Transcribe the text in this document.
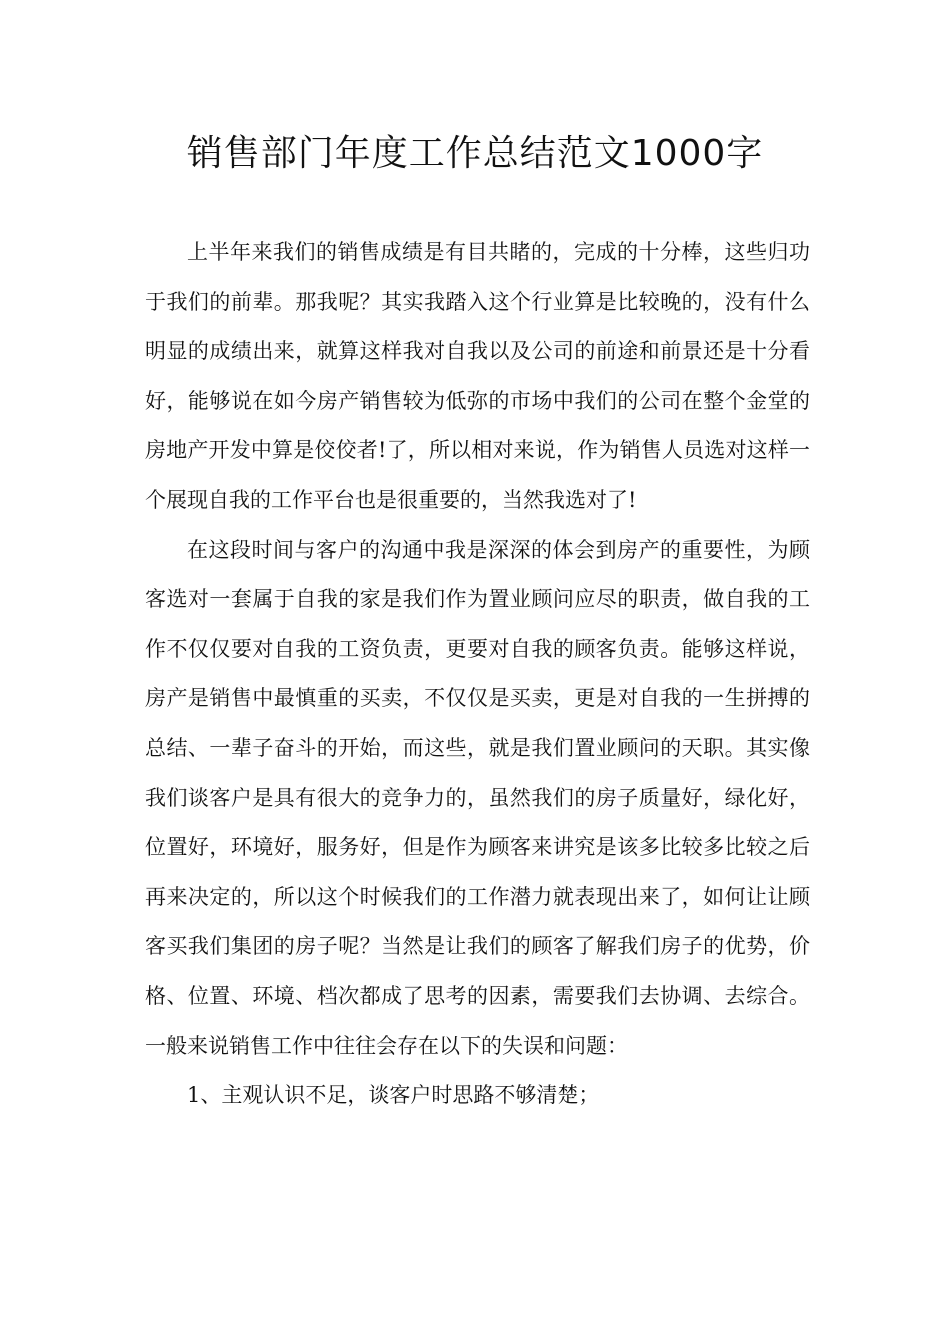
销售部门年度工作总结范文1000字

上半年来我们的销售成绩是有目共睹的，完成的十分棒，这些归功于我们的前辈。那我呢？其实我踏入这个行业算是比较晚的，没有什么明显的成绩出来，就算这样我对自我以及公司的前途和前景还是十分看好，能够说在如今房产销售较为低弥的市场中我们的公司在整个金堂的房地产开发中算是佼佼者!了，所以相对来说，作为销售人员选对这样一个展现自我的工作平台也是很重要的，当然我选对了!

在这段时间与客户的沟通中我是深深的体会到房产的重要性，为顾客选对一套属于自我的家是我们作为置业顾问应尽的职责，做自我的工作不仅仅要对自我的工资负责，更要对自我的顾客负责。能够这样说，房产是销售中最慎重的买卖，不仅仅是买卖，更是对自我的一生拼搏的总结、一辈子奋斗的开始，而这些，就是我们置业顾问的天职。其实像我们谈客户是具有很大的竞争力的，虽然我们的房子质量好，绿化好，位置好，环境好，服务好，但是作为顾客来讲究是该多比较多比较之后再来决定的，所以这个时候我们的工作潜力就表现出来了，如何让让顾客买我们集团的房子呢？当然是让我们的顾客了解我们房子的优势，价格、位置、环境、档次都成了思考的因素，需要我们去协调、去综合。一般来说销售工作中往往会存在以下的失误和问题：

1、主观认识不足，谈客户时思路不够清楚；
